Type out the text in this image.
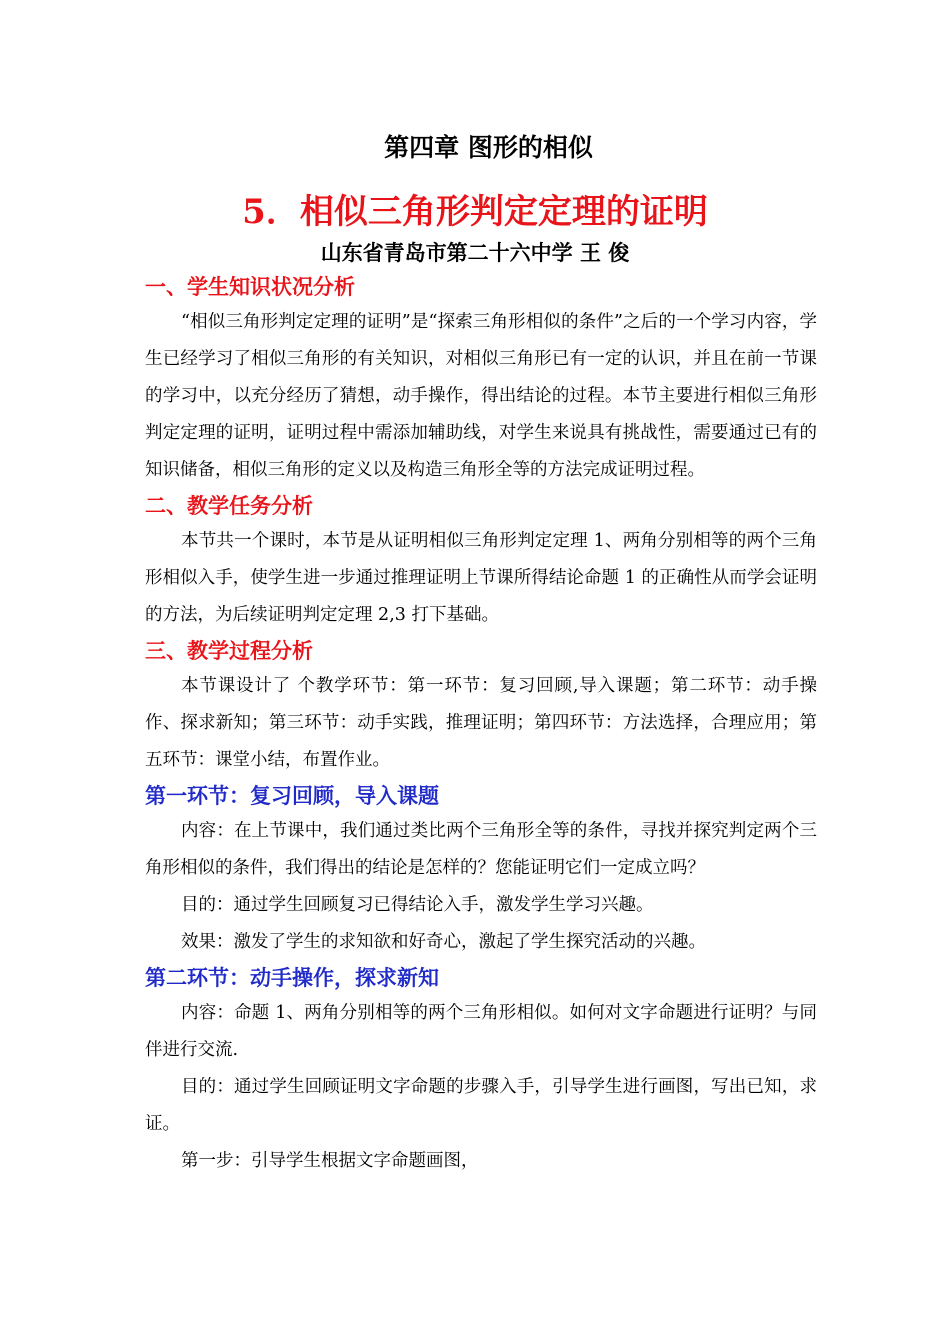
第四章 图形的相似
5．相似三角形判定定理的证明
山东省青岛市第二十六中学 王 俊
一、学生知识状况分析

“相似三角形判定定理的证明”是“探索三角形相似的条件”之后的一个学习内容，学生已经学习了相似三角形的有关知识，对相似三角形已有一定的认识，并且在前一节课的学习中，以充分经历了猜想，动手操作，得出结论的过程。本节主要进行相似三角形判定定理的证明，证明过程中需添加辅助线，对学生来说具有挑战性，需要通过已有的知识储备，相似三角形的定义以及构造三角形全等的方法完成证明过程。

二、教学任务分析

本节共一个课时，本节是从证明相似三角形判定定理 1、两角分别相等的两个三角形相似入手，使学生进一步通过推理证明上节课所得结论命题 1 的正确性从而学会证明的方法，为后续证明判定定理 2,3 打下基础。

三、教学过程分析

本节课设计了 个教学环节：第一环节：复习回顾,导入课题；第二环节：动手操作、探求新知；第三环节：动手实践，推理证明；第四环节：方法选择，合理应用；第五环节：课堂小结，布置作业。

第一环节：复习回顾，导入课题

内容：在上节课中，我们通过类比两个三角形全等的条件，寻找并探究判定两个三角形相似的条件，我们得出的结论是怎样的？您能证明它们一定成立吗？

目的：通过学生回顾复习已得结论入手，激发学生学习兴趣。

效果：激发了学生的求知欲和好奇心，激起了学生探究活动的兴趣。

第二环节：动手操作，探求新知

内容：命题 1、两角分别相等的两个三角形相似。如何对文字命题进行证明？与同伴进行交流.

目的：通过学生回顾证明文字命题的步骤入手，引导学生进行画图，写出已知，求证。

第一步：引导学生根据文字命题画图，
